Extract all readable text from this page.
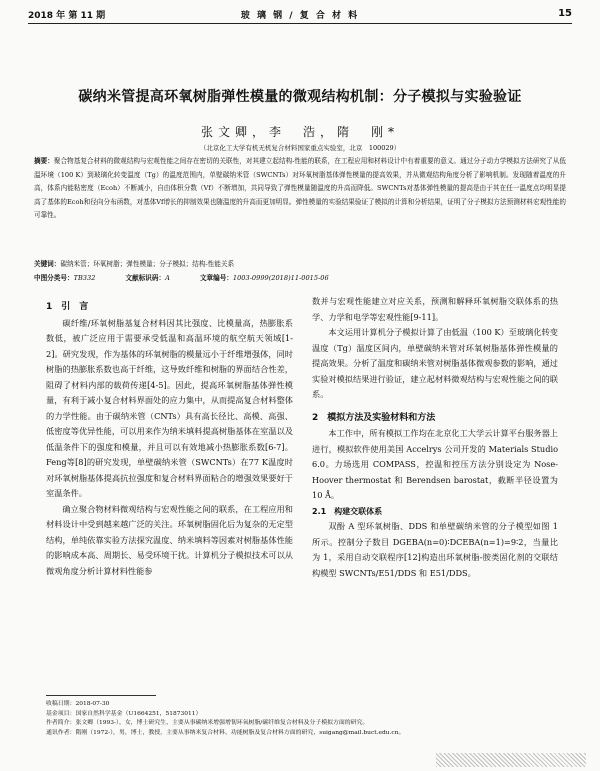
2018 年 第 11 期	玻 璃 钢 / 复 合 材 料	15
碳纳米管提高环氧树脂弹性模量的微观结构机制：分子模拟与实验验证
张文卿，李　浩，隋　刚*
（北京化工大学有机无机复合材料国家重点实验室，北京　100029）
摘要：聚合物基复合材料的微观结构与宏观性能之间存在密切的关联性，对其建立起结构-性能的联系，在工程应用和材料设计中有着重要的意义。通过分子动力学模拟方法研究了从低温环境（100 K）到玻璃化转变温度（Tg）的温度范围内，单壁碳纳米管（SWCNTs）对环氧树脂基体弹性模量的提高效果，并从微观结构角度分析了影响机制。发现随着温度的升高，体系内能粘密度（Ecoh）不断减小，自由体积分数（Vf）不断增加，共同导致了弹性模量随温度的升高而降低。SWCNTs对基体弹性模量的提高是由于其在任一温度点均明显提高了基体的Ecoh和径向分布函数，对基体Vf增长的抑制效果也随温度的升高而更加明显。弹性模量的实验结果验证了模拟的计算和分析结果，证明了分子模拟方法预测材料宏观性能的可靠性。
关键词：碳纳米管；环氧树脂；弹性模量；分子模拟；结构-性能关系
中图分类号：TB332	文献标识码：A	文章编号：1003-0999(2018)11-0015-06

1　引　言

碳纤维/环氧树脂基复合材料因其比强度、比模量高，热膨胀系数低，被广泛应用于需要承受低温和高温环境的航空航天领域[1-2]。研究发现，作为基体的环氧树脂的模量远小于纤维增强体，同时树脂的热膨胀系数也高于纤维，这导致纤维和树脂的界面结合性差，阻碍了材料内部的载荷传递[4-5]。因此，提高环氧树脂基体弹性模量，有利于减小复合材料界面处的应力集中，从而提高复合材料整体的力学性能。由于碳纳米管（CNTs）具有高长径比、高模、高强、低密度等优异性能，可以用来作为纳米填料提高树脂基体在室温以及低温条件下的强度和模量，并且可以有效地减小热膨胀系数[6-7]。Feng等[8]的研究发现，单壁碳纳米管（SWCNTs）在77 K温度时对环氧树脂基体提高抗拉强度和复合材料界面粘合的增强效果要好于室温条件。

确立聚合物材料微观结构与宏观性能之间的联系，在工程应用和材料设计中受到越来越广泛的关注。环氧树脂固化后为复杂的无定型结构，单纯依靠实验方法探究温度、纳米填料等因素对树脂基体性能的影响成本高、周期长、易受环境干扰。计算机分子模拟技术可以从微观角度分析计算材料性能参

数并与宏观性能建立对应关系，预测和解释环氧树脂交联体系的热学、力学和电学等宏观性能[9-11]。

本文运用计算机分子模拟计算了由低温（100 K）至玻璃化转变温度（Tg）温度区间内，单壁碳纳米管对环氧树脂基体弹性模量的提高效果。分析了温度和碳纳米管对树脂基体微观参数的影响，通过实验对模拟结果进行验证，建立起材料微观结构与宏观性能之间的联系。

2　模拟方法及实验材料和方法

本工作中，所有模拟工作均在北京化工大学云计算平台服务器上进行，模拟软件使用美国 Accelrys 公司开发的 Materials Studio 6.0。力场选用 COMPASS，控温和控压方法分别设定为 Nose-Hoover thermostat 和 Berendsen barostat，截断半径设置为 10 Å。

2.1　构建交联体系

双酚 A 型环氧树脂、DDS 和单壁碳纳米管的分子模型如图 1 所示。控制分子数目 DGEBA(n=0)∶DCEBA(n=1)=9∶2，当量比为 1，采用自动交联程序[12]构造出环氧树脂-胺类固化剂的交联结构模型 SWCNTs/E51/DDS 和 E51/DDS。

收稿日期：2018-07-30
基金项目：国家自然科学基金（U1664251，51873011）
作者简介：张文卿（1993-），女，博士研究生，主要从事碳纳米增强增韧环氧树脂/碳纤维复合材料及分子模拟方面的研究。
通讯作者：隋刚（1972-），男，博士，教授，主要从事纳米复合材料、功能树脂及复合材料方面的研究，suigang@mail.buct.edu.cn。
